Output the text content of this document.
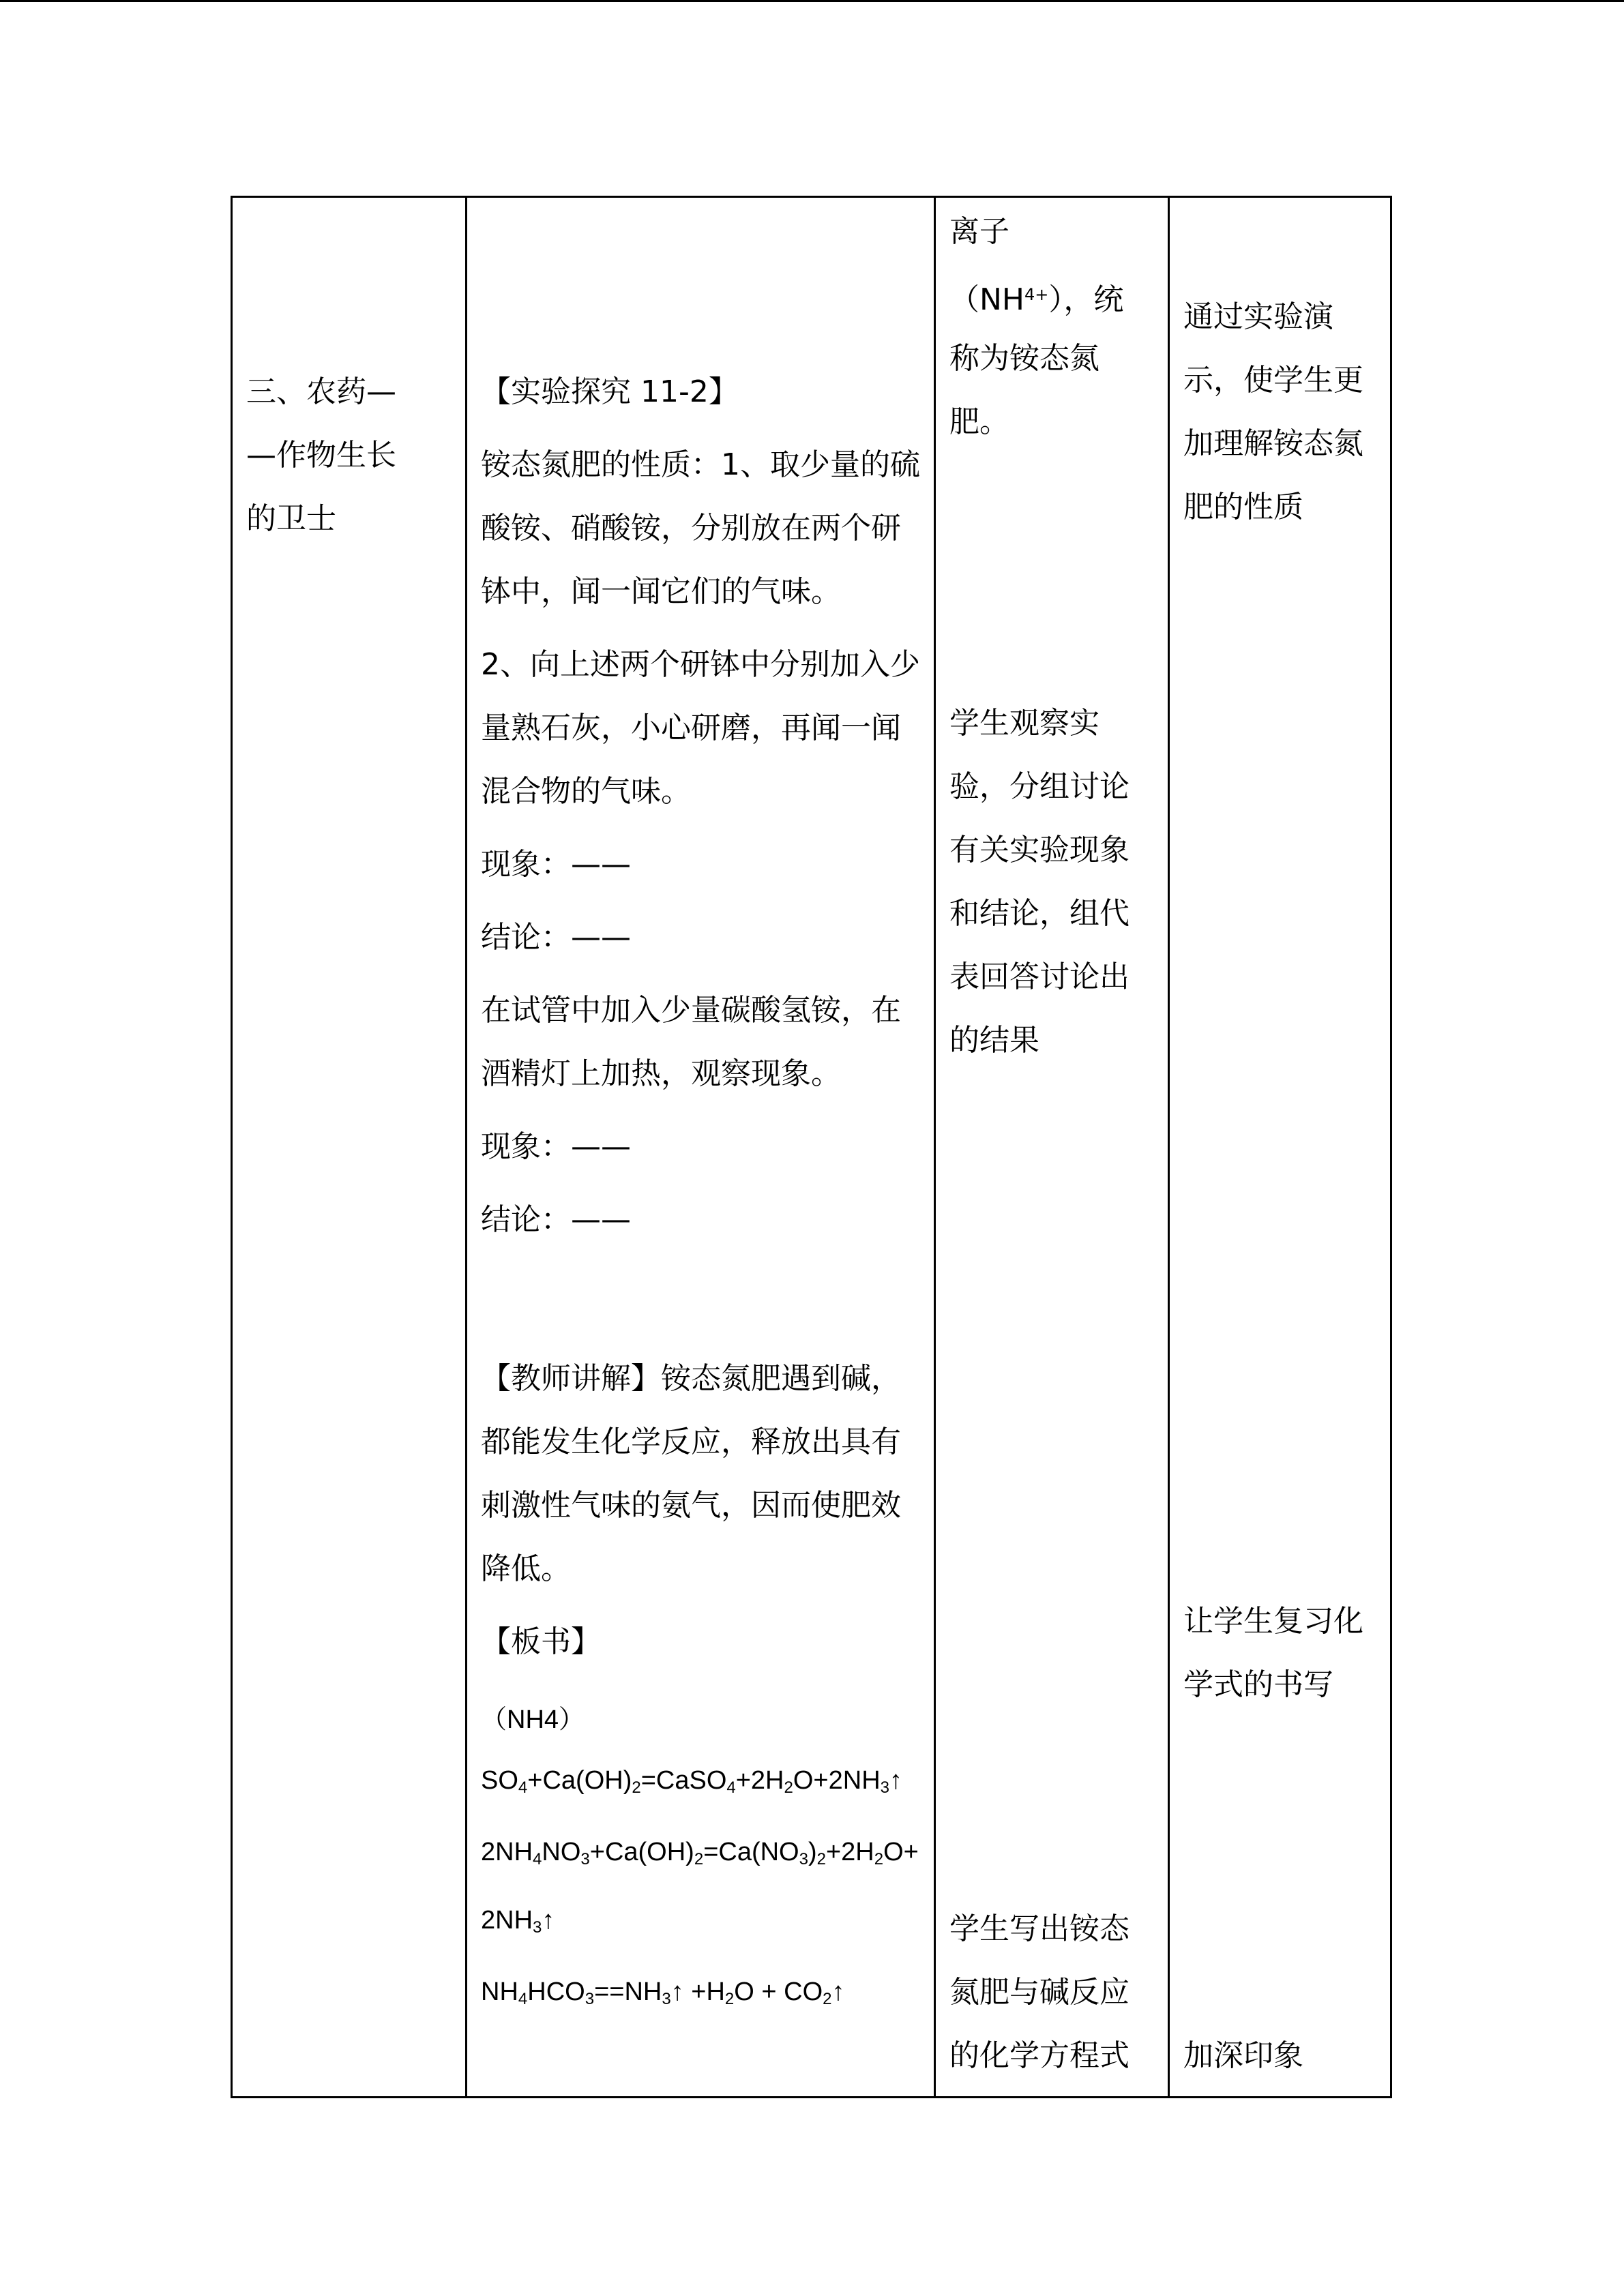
三、农药—
—作物生长
的卫士
【实验探究 11-2】
铵态氮肥的性质：1、取少量的硫
酸铵、硝酸铵，分别放在两个研
钵中，闻一闻它们的气味。
2、向上述两个研钵中分别加入少
量熟石灰，小心研磨，再闻一闻
混合物的气味。
现象：——
结论：——
在试管中加入少量碳酸氢铵，在
酒精灯上加热，观察现象。
现象：——
结论：——
【教师讲解】铵态氮肥遇到碱，
都能发生化学反应，释放出具有
刺激性气味的氨气，因而使肥效
降低。
【板书】
（NH4）
$SO_4+Ca(OH)_2=CaSO_4+2H_2O+2NH_3↑$
$2NH_4NO_3+Ca(OH)_2=Ca(NO_3)_2+2H_2O+$
$2NH_3↑$
$NH_4HCO_3==NH_3↑ +H_2O$ + $CO_2↑$
离子
$(NH^{4+})$，统
称为铵态氮
肥。
学生观察实
验，分组讨论
有关实验现象
和结论，组代
表回答讨论出
的结果
学生写出铵态
氮肥与碱反应
的化学方程式
通过实验演
示，使学生更
加理解铵态氮
肥的性质
让学生复习化
学式的书写
加深印象
